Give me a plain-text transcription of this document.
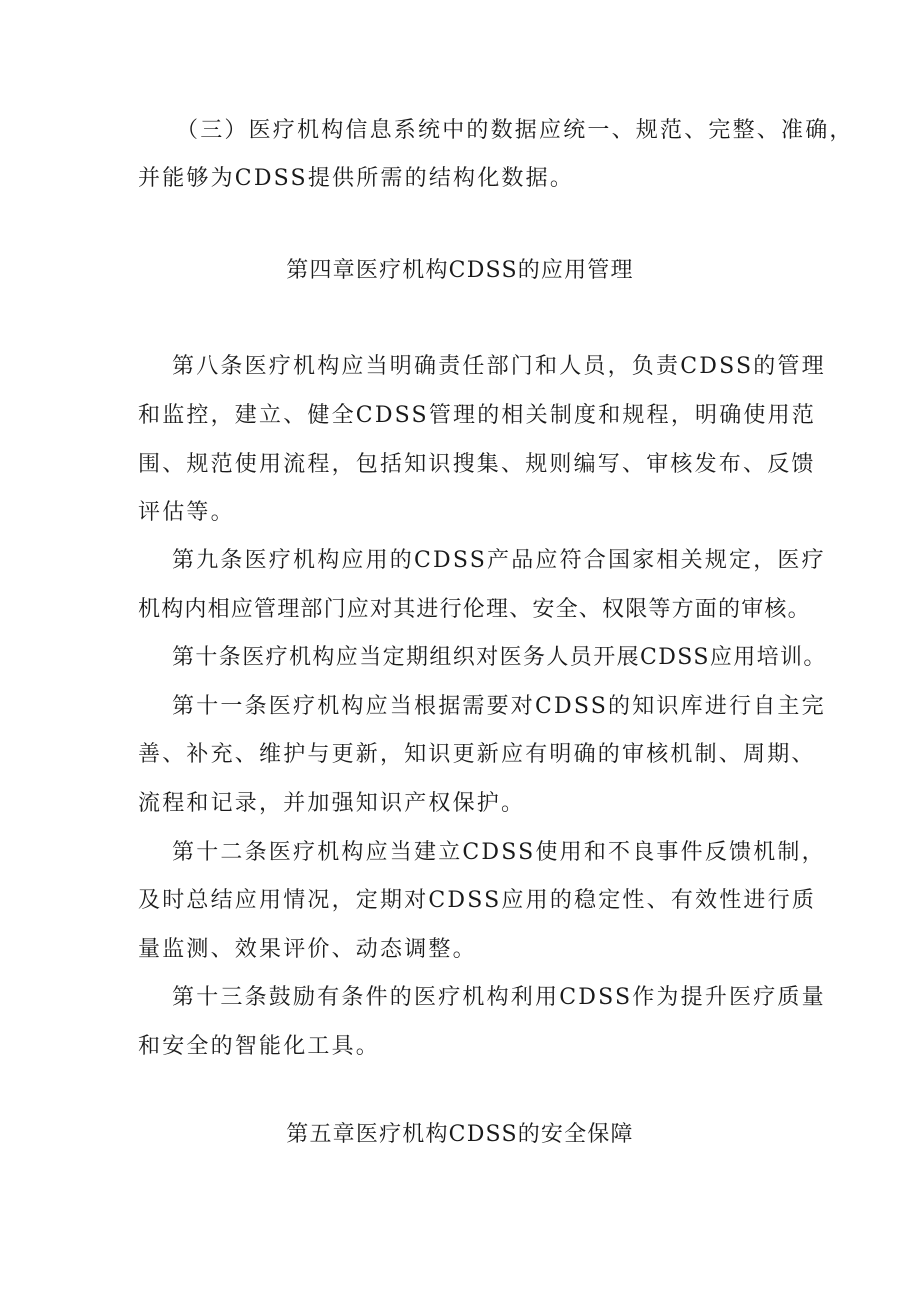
（三）医疗机构信息系统中的数据应统一、规范、完整、准确，
并能够为CDSS提供所需的结构化数据。
第四章医疗机构CDSS的应用管理
第八条医疗机构应当明确责任部门和人员，负责CDSS的管理
和监控，建立、健全CDSS管理的相关制度和规程，明确使用范
围、规范使用流程，包括知识搜集、规则编写、审核发布、反馈
评估等。
第九条医疗机构应用的CDSS产品应符合国家相关规定，医疗
机构内相应管理部门应对其进行伦理、安全、权限等方面的审核。
第十条医疗机构应当定期组织对医务人员开展CDSS应用培训。
第十一条医疗机构应当根据需要对CDSS的知识库进行自主完
善、补充、维护与更新，知识更新应有明确的审核机制、周期、
流程和记录，并加强知识产权保护。
第十二条医疗机构应当建立CDSS使用和不良事件反馈机制，
及时总结应用情况，定期对CDSS应用的稳定性、有效性进行质
量监测、效果评价、动态调整。
第十三条鼓励有条件的医疗机构利用CDSS作为提升医疗质量
和安全的智能化工具。
第五章医疗机构CDSS的安全保障
